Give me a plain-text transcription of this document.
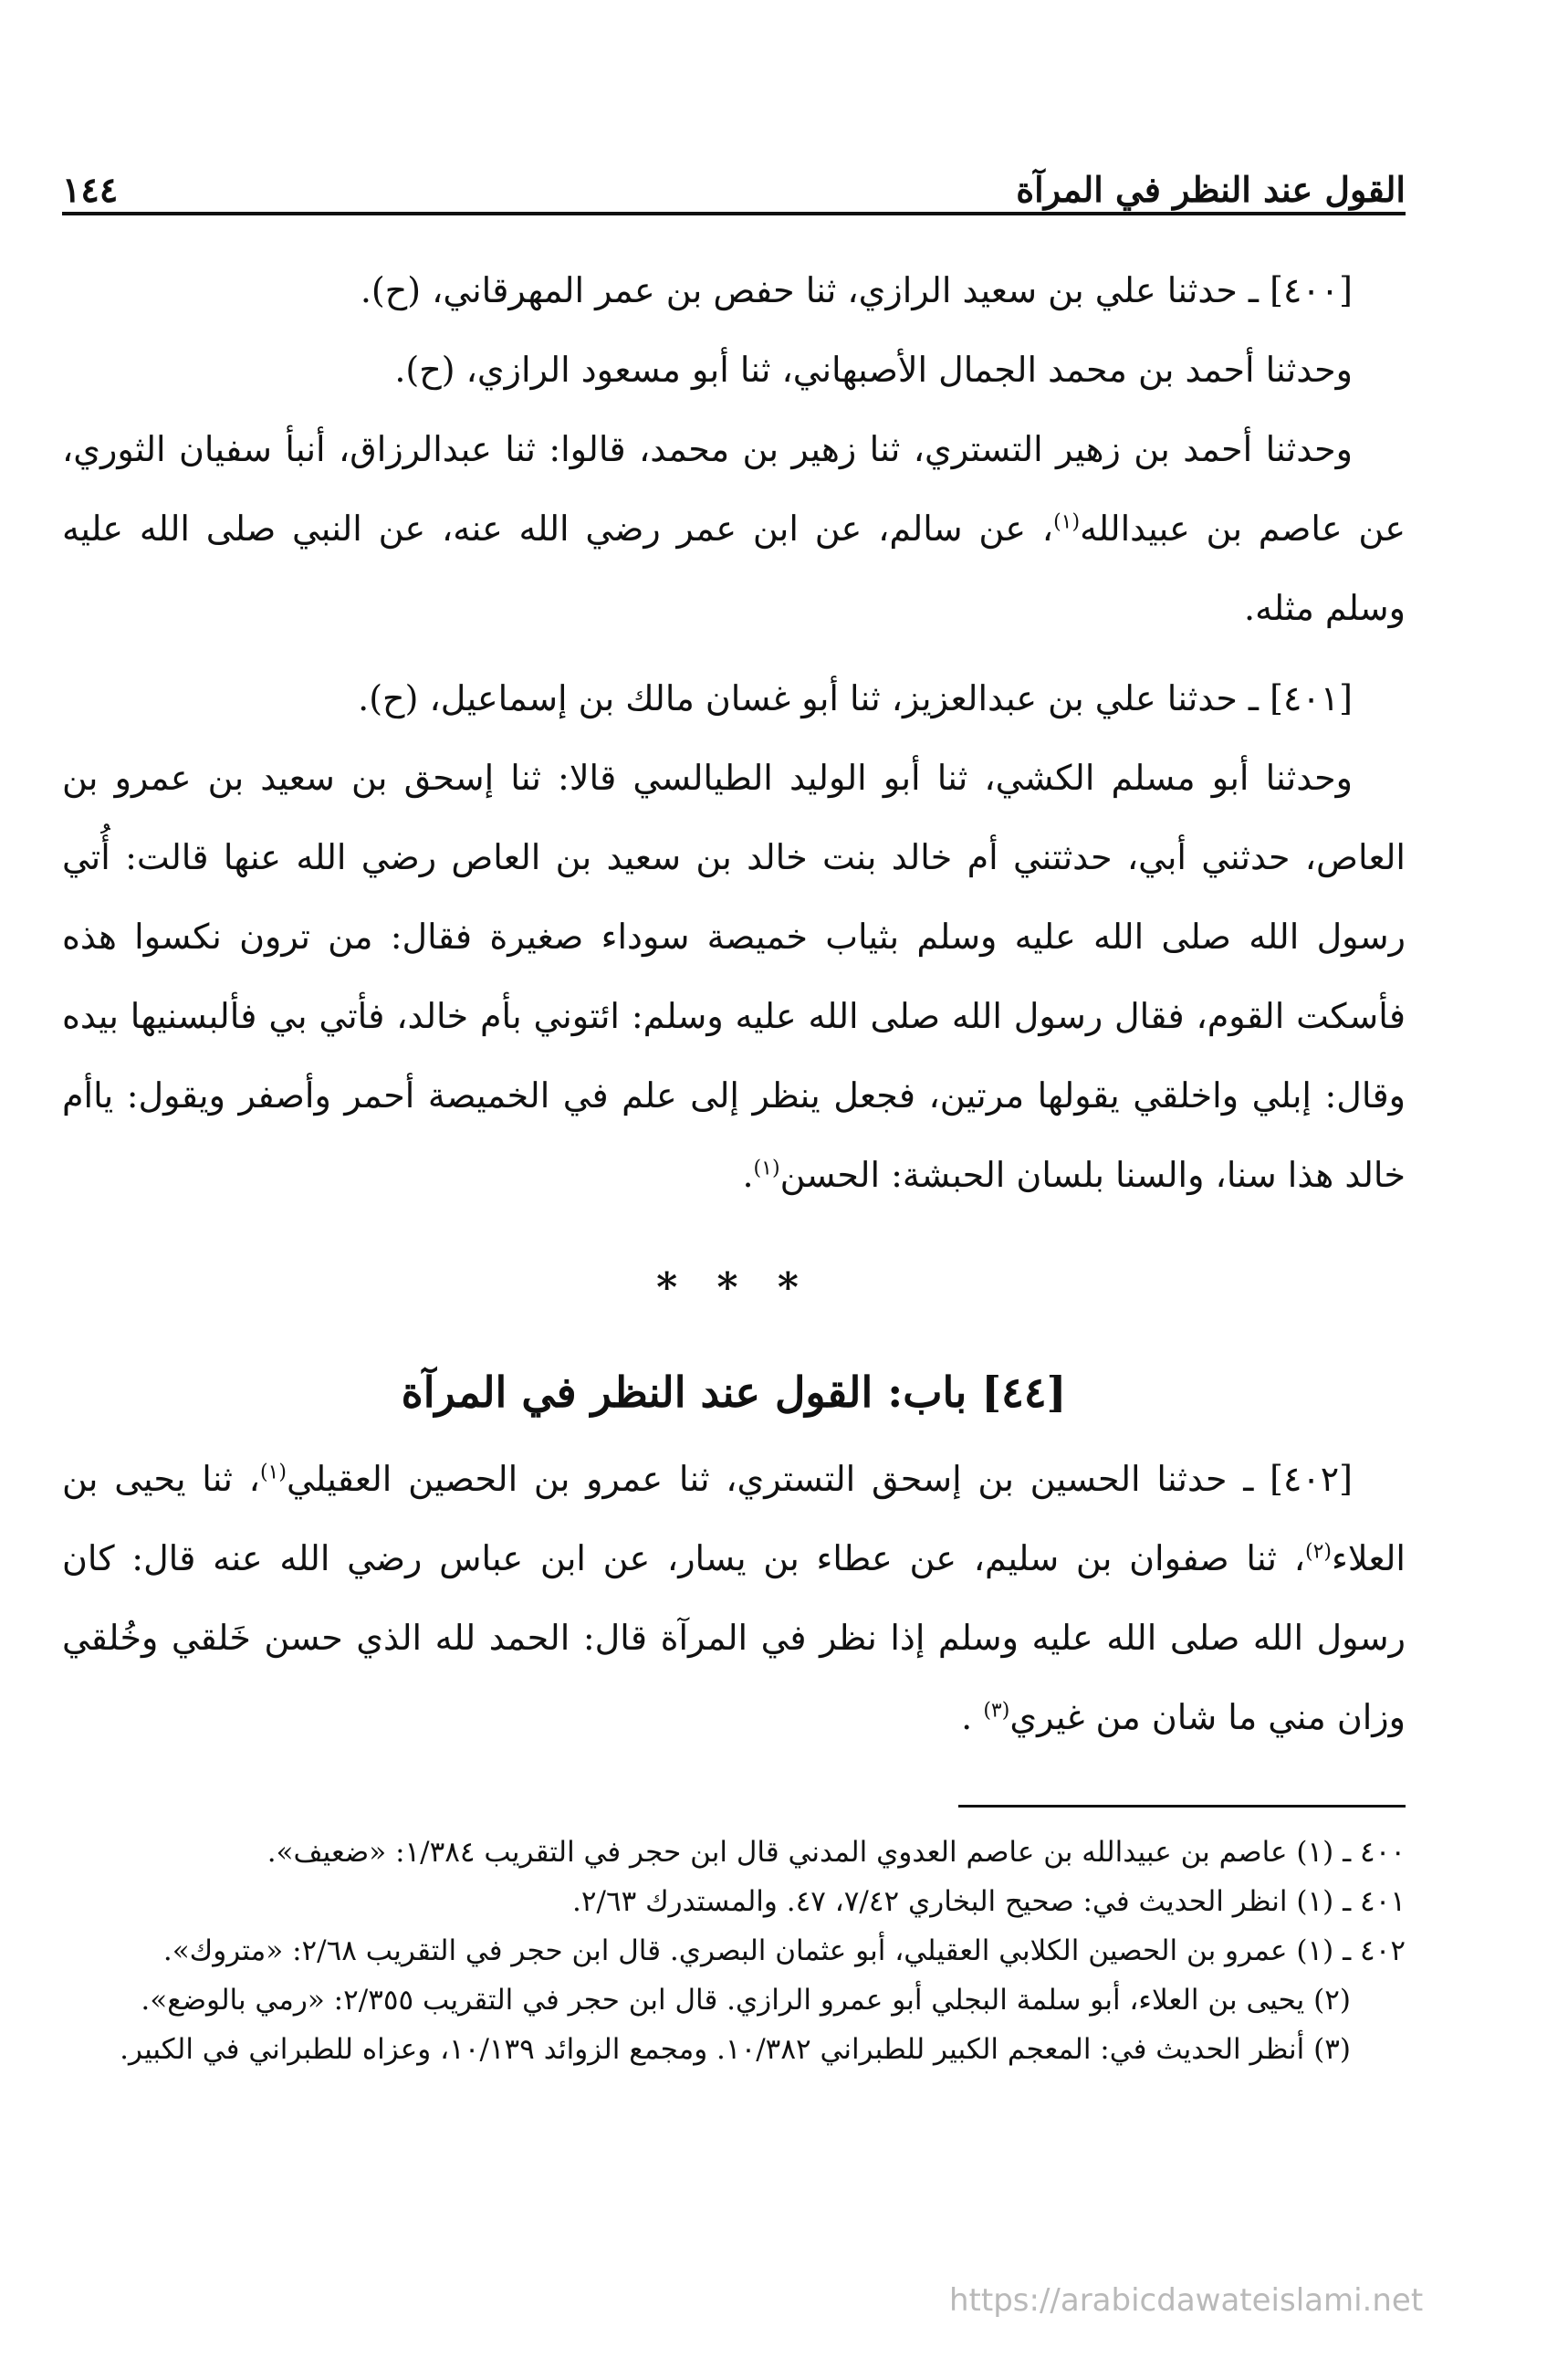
١٤٤	القول عند النظر في المرآة

[٤٠٠] ـ حدثنا علي بن سعيد الرازي، ثنا حفص بن عمر المهرقاني، (ح).

وحدثنا أحمد بن محمد الجمال الأصبهاني، ثنا أبو مسعود الرازي، (ح).

وحدثنا أحمد بن زهير التستري، ثنا زهير بن محمد، قالوا: ثنا عبدالرزاق، أنبأ سفيان الثوري، عن عاصم بن عبيدالله$^{(١)}$، عن سالم، عن ابن عمر رضي الله عنه، عن النبي صلى الله عليه وسلم مثله.

[٤٠١] ـ حدثنا علي بن عبدالعزيز، ثنا أبو غسان مالك بن إسماعيل، (ح).

وحدثنا أبو مسلم الكشي، ثنا أبو الوليد الطيالسي قالا: ثنا إسحق بن سعيد بن عمرو بن العاص، حدثني أبي، حدثتني أم خالد بنت خالد بن سعيد بن العاص رضي الله عنها قالت: أُتي رسول الله صلى الله عليه وسلم بثياب خميصة سوداء صغيرة فقال: من ترون نكسوا هذه فأسكت القوم، فقال رسول الله صلى الله عليه وسلم: ائتوني بأم خالد، فأتي بي فألبسنيها بيده وقال: إبلي واخلقي يقولها مرتين، فجعل ينظر إلى علم في الخميصة أحمر وأصفر ويقول: ياأم خالد هذا سنا، والسنا بلسان الحبشة: الحسن$^{(١)}$.

* * *
[٤٤] باب: القول عند النظر في المرآة

[٤٠٢] ـ حدثنا الحسين بن إسحق التستري، ثنا عمرو بن الحصين العقيلي$^{(١)}$، ثنا يحيى بن العلاء$^{(٢)}$، ثنا صفوان بن سليم، عن عطاء بن يسار، عن ابن عباس رضي الله عنه قال: كان رسول الله صلى الله عليه وسلم إذا نظر في المرآة قال: الحمد لله الذي حسن خَلقي وخُلقي وزان مني ما شان من غيري$^{(٣)}$ .

٤٠٠ ـ (١) عاصم بن عبيدالله بن عاصم العدوي المدني قال ابن حجر في التقريب ١/٣٨٤: «ضعيف».

٤٠١ ـ (١) انظر الحديث في: صحيح البخاري ٧/٤٢، ٤٧. والمستدرك ٢/٦٣.

٤٠٢ ـ (١) عمرو بن الحصين الكلابي العقيلي، أبو عثمان البصري. قال ابن حجر في التقريب ٢/٦٨: «متروك».

(٢) يحيى بن العلاء، أبو سلمة البجلي أبو عمرو الرازي. قال ابن حجر في التقريب ٢/٣٥٥: «رمي بالوضع».

(٣) أنظر الحديث في: المعجم الكبير للطبراني ١٠/٣٨٢. ومجمع الزوائد ١٠/١٣٩، وعزاه للطبراني في الكبير.

https://arabicdawateislami.net
